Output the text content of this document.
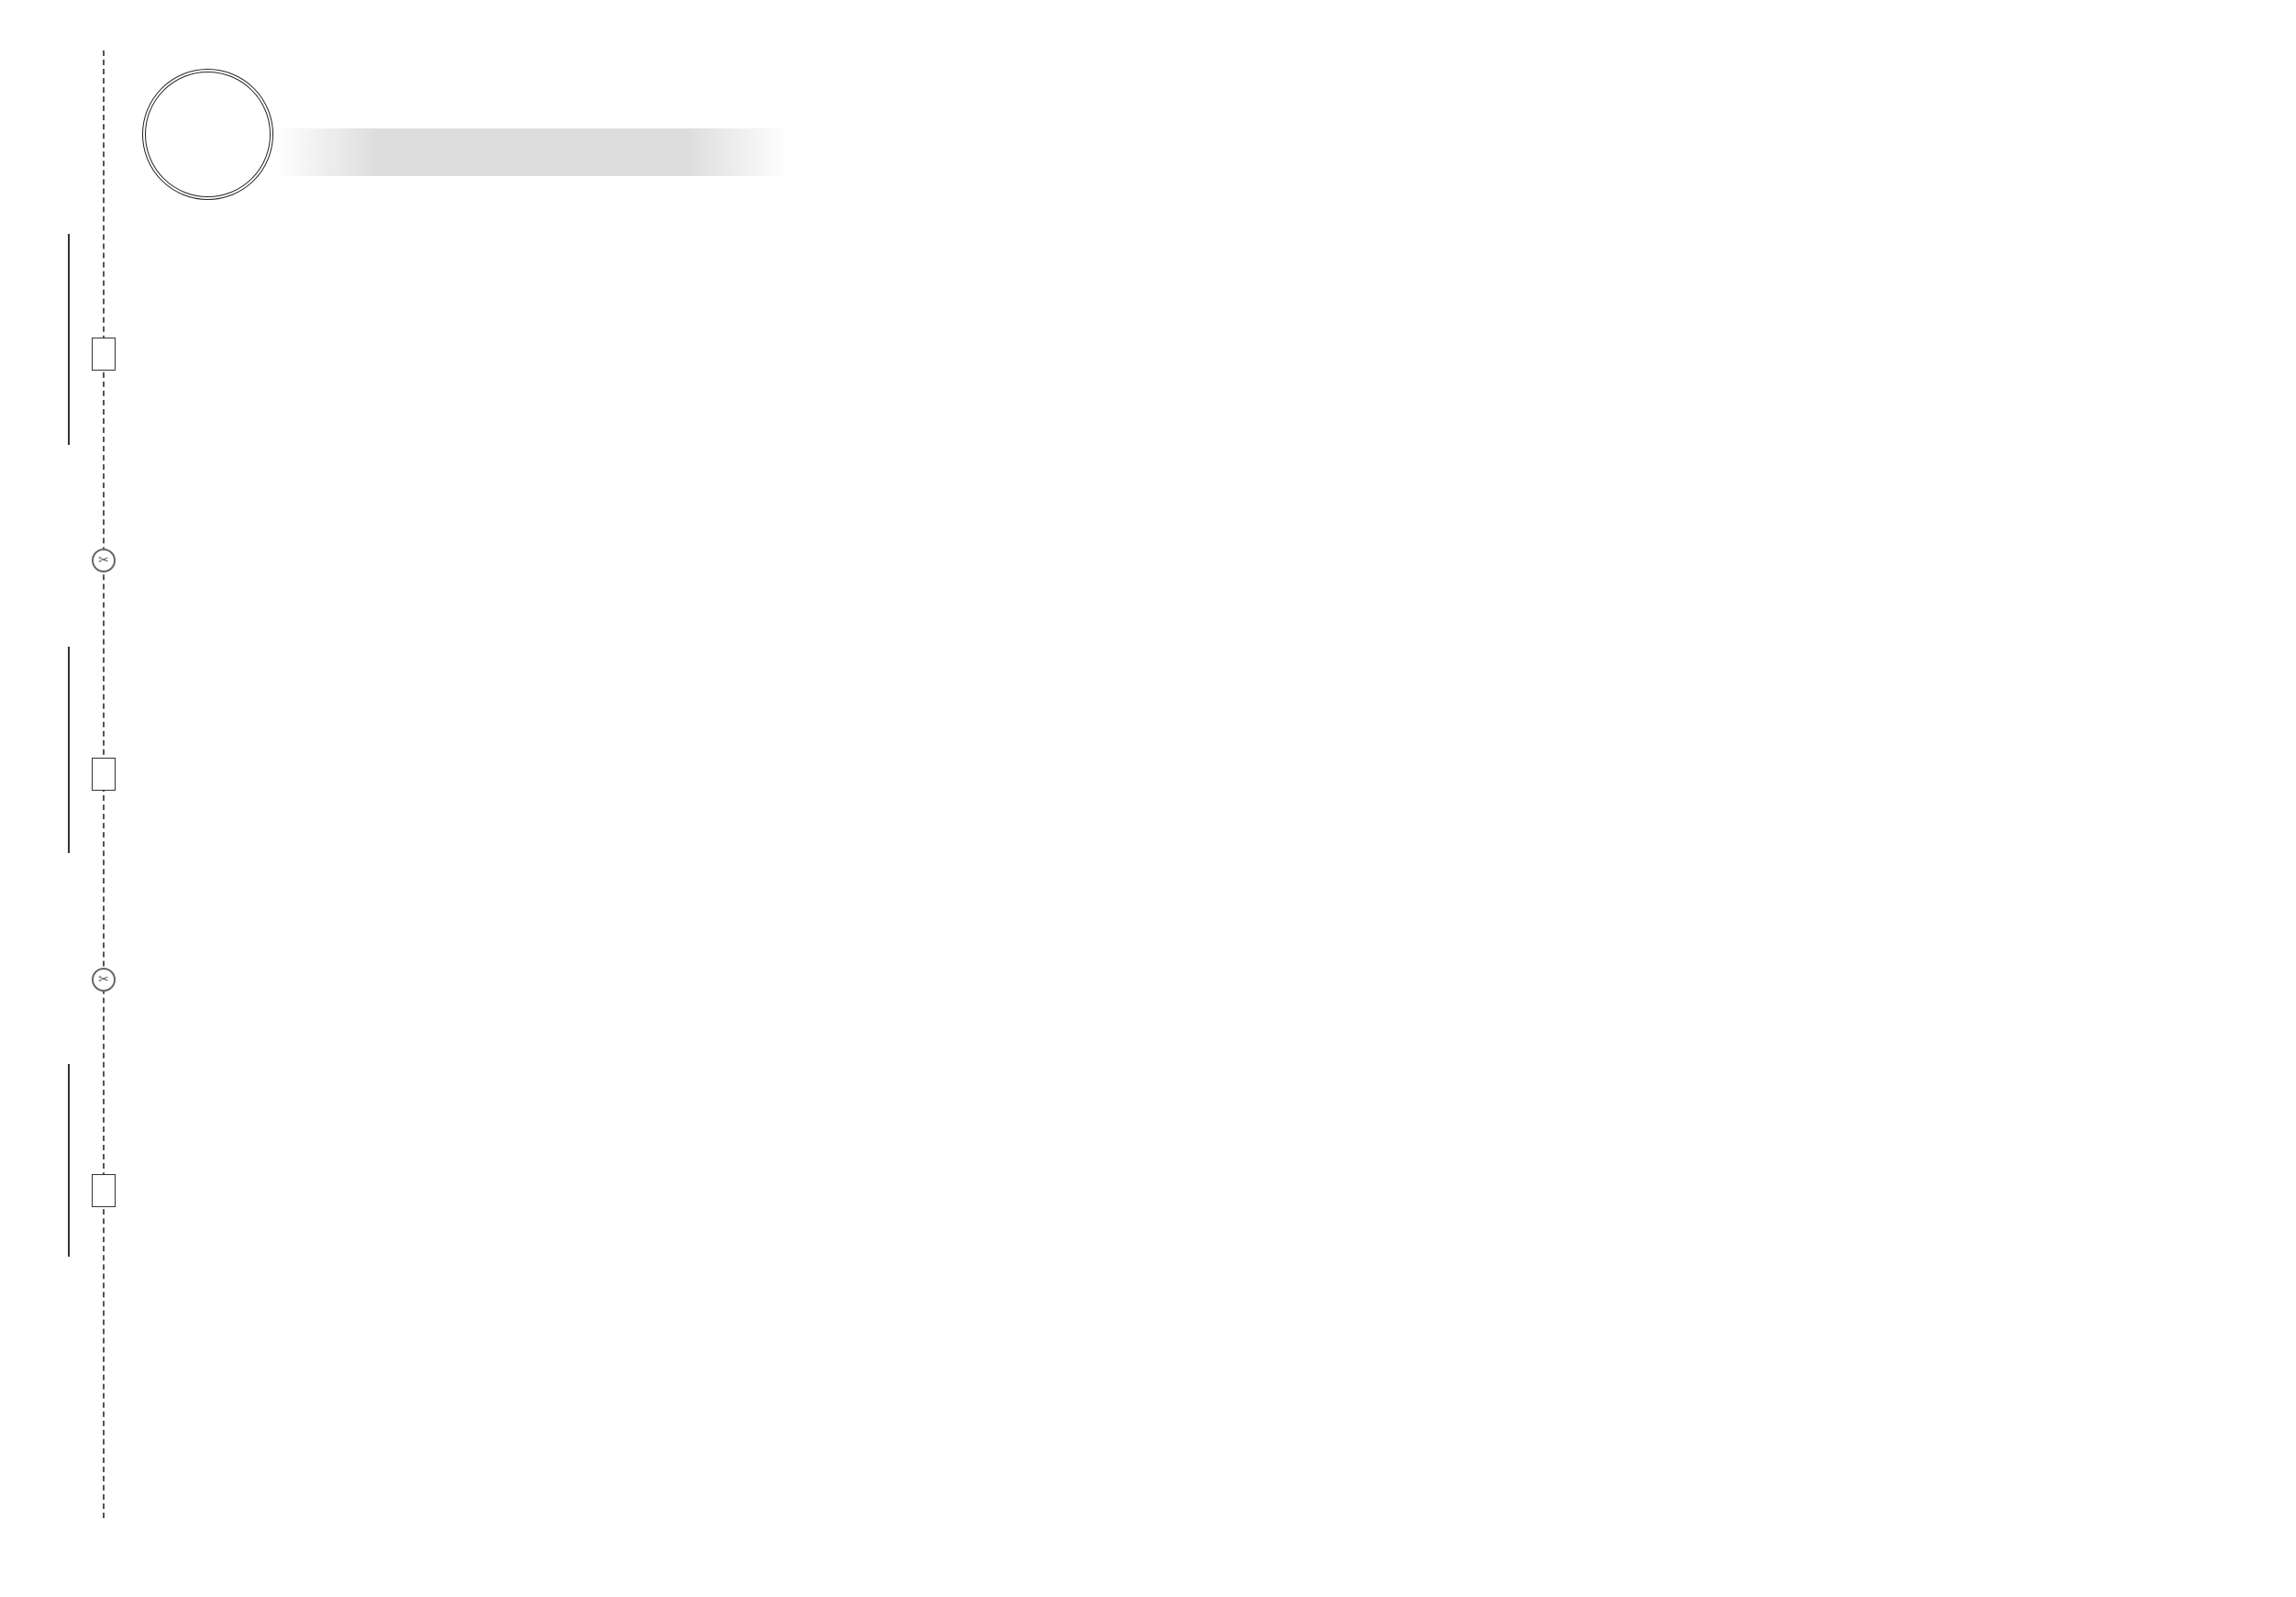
✂
✂
